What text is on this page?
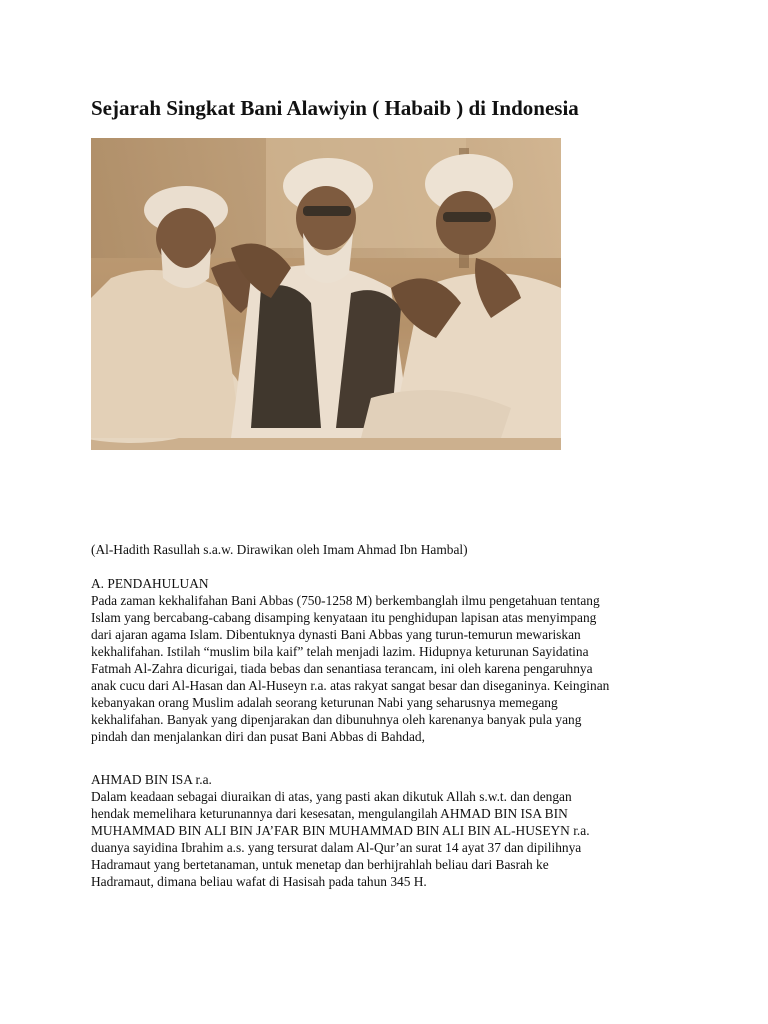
Sejarah Singkat Bani Alawiyin ( Habaib ) di Indonesia

(Al-Hadith Rasullah s.a.w. Dirawikan oleh Imam Ahmad Ibn Hambal)

A. PENDAHULUAN

Pada zaman kekhalifahan Bani Abbas (750-1258 M) berkembanglah ilmu pengetahuan tentang

Islam yang bercabang-cabang disamping kenyataan itu penghidupan lapisan atas menyimpang

dari ajaran agama Islam. Dibentuknya dynasti Bani Abbas yang turun-temurun mewariskan

kekhalifahan. Istilah “muslim bila kaif” telah menjadi lazim. Hidupnya keturunan Sayidatina

Fatmah Al-Zahra dicurigai, tiada bebas dan senantiasa terancam, ini oleh karena pengaruhnya

anak cucu dari Al-Hasan dan Al-Huseyn r.a. atas rakyat sangat besar dan diseganinya. Keinginan

kebanyakan orang Muslim adalah seorang keturunan Nabi yang seharusnya memegang

kekhalifahan. Banyak yang dipenjarakan dan dibunuhnya oleh karenanya banyak pula yang

pindah dan menjalankan diri dan pusat Bani Abbas di Bahdad,

AHMAD BIN ISA r.a.

Dalam keadaan sebagai diuraikan di atas, yang pasti akan dikutuk Allah s.w.t. dan dengan

hendak memelihara keturunannya dari kesesatan, mengulangilah AHMAD BIN ISA BIN

MUHAMMAD BIN ALI BIN JA’FAR BIN MUHAMMAD BIN ALI BIN AL-HUSEYN r.a.

duanya sayidina Ibrahim a.s. yang tersurat dalam Al-Qur’an surat 14 ayat 37 dan dipilihnya

Hadramaut yang bertetanaman, untuk menetap dan berhijrahlah beliau dari Basrah ke

Hadramaut, dimana beliau wafat di Hasisah pada tahun 345 H.
